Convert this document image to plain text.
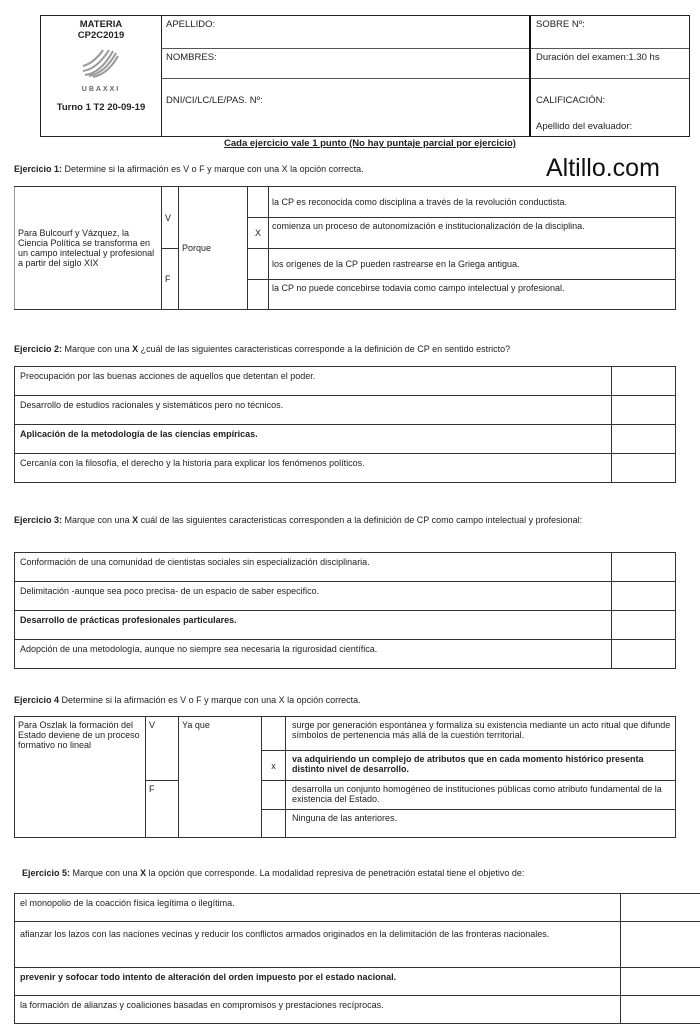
MATERIA
CP2C2019
UBAXXI
Turno 1 T2 20-09-19
APELLIDO:
NOMBRES:
DNI/CI/LC/LE/PAS. Nº:
SOBRE Nº:
Duración del examen:1.30 hs
CALIFICACIÓN:
Apellido del evaluador:
Cada ejercicio vale 1 punto (No hay puntaje parcial por ejercicio)
Altillo.com
Ejercicio 1: Determine si la afirmación es V o F y marque con una X la opción correcta.
Para Bulcourf y Vázquez, la Ciencia Política se transforma en un campo intelectual y profesional a partir del siglo XIX	V	Porque		la CP es reconocida como disciplina a través de la revolución conductista.
			X	comienza un proceso de autonomización e institucionalización de la disciplina.
	F			los orígenes de la CP pueden rastrearse en la Griega antigua.
				la CP no puede concebirse todavia como campo intelectual y profesional.
Ejercicio 2: Marque con una X ¿cuál de las siguientes caracteristicas corresponde a la definición de CP en sentido estricto?
Preocupación por las buenas acciones de aquellos que detentan el poder.	
Desarrollo de estudios racionales y sistemáticos pero no técnicos.	
Aplicación de la metodología de las ciencias empíricas.	
Cercanía con la filosofía, el derecho y la historia para explicar los fenómenos políticos.	
Ejercicio 3: Marque con una X cuál de las siguientes caracteristicas corresponden a la definición de CP como campo intelectual y profesional:
Conformación de una comunidad de cientistas sociales sin especialización disciplinaria.	
Delimitación -aunque sea poco precisa- de un espacio de saber especifico.	
Desarrollo de prácticas profesionales particulares.	
Adopción de una metodología, aunque no siempre sea necesaria la rigurosidad científica.	
Ejercicio 4 Determine si la afirmación es V o F y marque con una X la opción correcta.
Para Oszlak la formación del Estado deviene de un proceso formativo no lineal	V	Ya que		surge por generación espontánea y formaliza su existencia mediante un acto ritual que difunde símbolos de pertenencia más allá de la cuestión territorial.
			x	va adquiriendo un complejo de atributos que en cada momento histórico presenta distinto nivel de desarrollo.
	F			desarrolla un conjunto homogéneo de instituciones públicas como atributo fundamental de la existencia del Estado.
				Ninguna de las anteriores.
Ejercicio 5: Marque con una X la opción que corresponde. La modalidad represiva de penetración estatal tiene el objetivo de:
el monopolio de la coacción física legítima o ilegítima.	
afianzar los lazos con las naciones vecinas y reducir los conflictos armados originados en la delimitación de las fronteras nacionales.	
prevenir y sofocar todo intento de alteración del orden impuesto por el estado nacional.	
la formación de alianzas y coaliciones basadas en compromisos y prestaciones recíprocas.	
